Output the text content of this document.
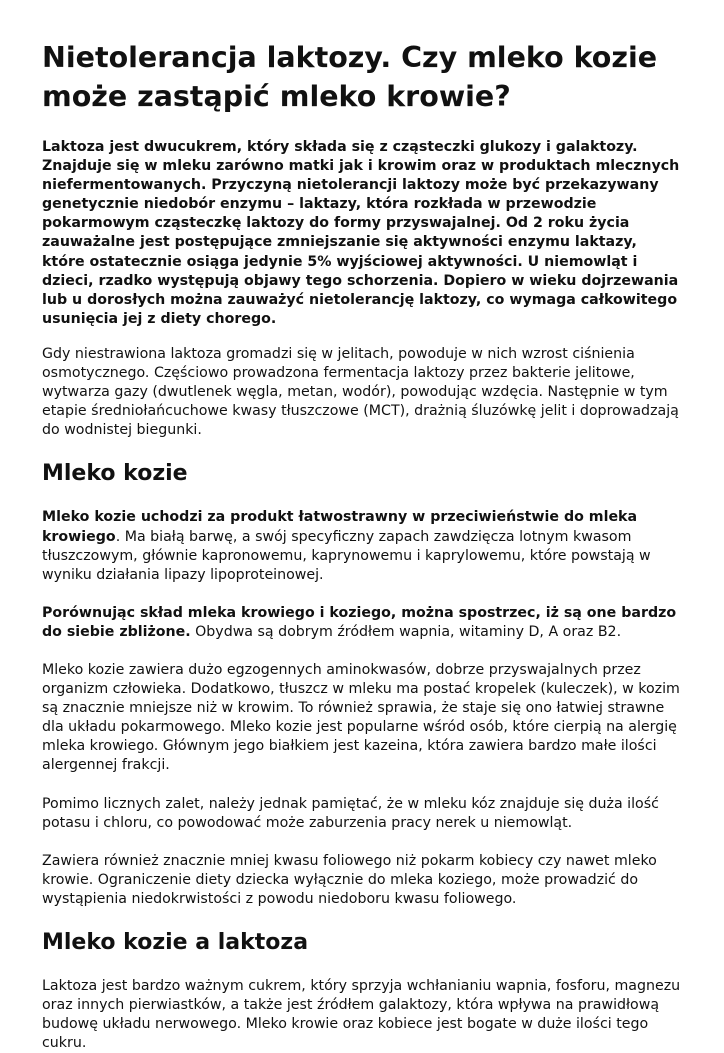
Nietolerancja laktozy. Czy mleko kozie może zastąpić mleko krowie?

Laktoza jest dwucukrem, który składa się z cząsteczki glukozy i galaktozy. Znajduje się w mleku zarówno matki jak i krowim oraz w produktach mlecznych niefermentowanych. Przyczyną nietolerancji laktozy może być przekazywany genetycznie niedobór enzymu – laktazy, która rozkłada w przewodzie pokarmowym cząsteczkę laktozy do formy przyswajalnej. Od 2 roku życia zauważalne jest postępujące zmniejszanie się aktywności enzymu laktazy, które ostatecznie osiąga jedynie 5% wyjściowej aktywności. U niemowląt i dzieci, rzadko występują objawy tego schorzenia. Dopiero w wieku dojrzewania lub u dorosłych można zauważyć nietolerancję laktozy, co wymaga całkowitego usunięcia jej z diety chorego.

Gdy niestrawiona laktoza gromadzi się w jelitach, powoduje w nich wzrost ciśnienia osmotycznego. Częściowo prowadzona fermentacja laktozy przez bakterie jelitowe, wytwarza gazy (dwutlenek węgla, metan, wodór), powodując wzdęcia. Następnie w tym etapie średniołańcuchowe kwasy tłuszczowe (MCT), drażnią śluzówkę jelit i doprowadzają do wodnistej biegunki.

Mleko kozie

Mleko kozie uchodzi za produkt łatwostrawny w przeciwieństwie do mleka krowiego. Ma białą barwę, a swój specyficzny zapach zawdzięcza lotnym kwasom tłuszczowym, głównie kapronowemu, kaprynowemu i kaprylowemu, które powstają w wyniku działania lipazy lipoproteinowej.

Porównując skład mleka krowiego i koziego, można spostrzec, iż są one bardzo do siebie zbliżone. Obydwa są dobrym źródłem wapnia, witaminy D, A oraz B2.

Mleko kozie zawiera dużo egzogennych aminokwasów, dobrze przyswajalnych przez organizm człowieka. Dodatkowo, tłuszcz w mleku ma postać kropelek (kuleczek), w kozim są znacznie mniejsze niż w krowim. To również sprawia, że staje się ono łatwiej strawne dla układu pokarmowego. Mleko kozie jest popularne wśród osób, które cierpią na alergię mleka krowiego. Głównym jego białkiem jest kazeina, która zawiera bardzo małe ilości alergennej frakcji.

Pomimo licznych zalet, należy jednak pamiętać, że w mleku kóz znajduje się duża ilość potasu i chloru, co powodować może zaburzenia pracy nerek u niemowląt.

Zawiera również znacznie mniej kwasu foliowego niż pokarm kobiecy czy nawet mleko krowie. Ograniczenie diety dziecka wyłącznie do mleka koziego, może prowadzić do wystąpienia niedokrwistości z powodu niedoboru kwasu foliowego.

Mleko kozie a laktoza

Laktoza jest bardzo ważnym cukrem, który sprzyja wchłanianiu wapnia, fosforu, magnezu oraz innych pierwiastków, a także jest źródłem galaktozy, która wpływa na prawidłową budowę układu nerwowego. Mleko krowie oraz kobiece jest bogate w duże ilości tego cukru.
